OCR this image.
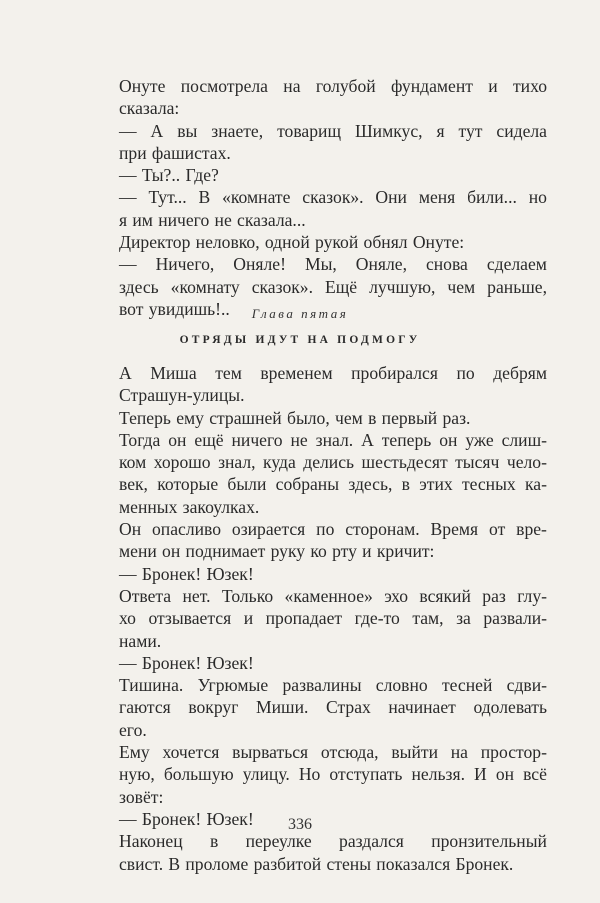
Онуте посмотрела на голубой фундамент и тихо
сказала:
— А вы знаете, товарищ Шимкус, я тут сидела
при фашистах.
— Ты?.. Где?
— Тут... В «комнате сказок». Они меня били... но
я им ничего не сказала...
Директор неловко, одной рукой обнял Онуте:
— Ничего, Оняле! Мы, Оняле, снова сделаем
здесь «комнату сказок». Ещё лучшую, чем раньше,
вот увидишь!..	Глава пятая
ОТРЯДЫ ИДУТ НА ПОДМОГУ
А Миша тем временем пробирался по дебрям
Страшун-улицы.
Теперь ему страшней было, чем в первый раз.
Тогда он ещё ничего не знал. А теперь он уже слиш-
ком хорошо знал, куда делись шестьдесят тысяч чело-
век, которые были собраны здесь, в этих тесных ка-
менных закоулках.
Он опасливо озирается по сторонам. Время от вре-
мени он поднимает руку ко рту и кричит:
— Бронек! Юзек!
Ответа нет. Только «каменное» эхо всякий раз глу-
хо отзывается и пропадает где-то там, за развали-
нами.
— Бронек! Юзек!
Тишина. Угрюмые развалины словно тесней сдви-
гаются вокруг Миши. Страх начинает одолевать
его.
Ему хочется вырваться отсюда, выйти на простор-
ную, большую улицу. Но отступать нельзя. И он всё
зовёт:
— Бронек! Юзек!
Наконец в переулке раздался пронзительный
свист. В проломе разбитой стены показался Бронек.
336
